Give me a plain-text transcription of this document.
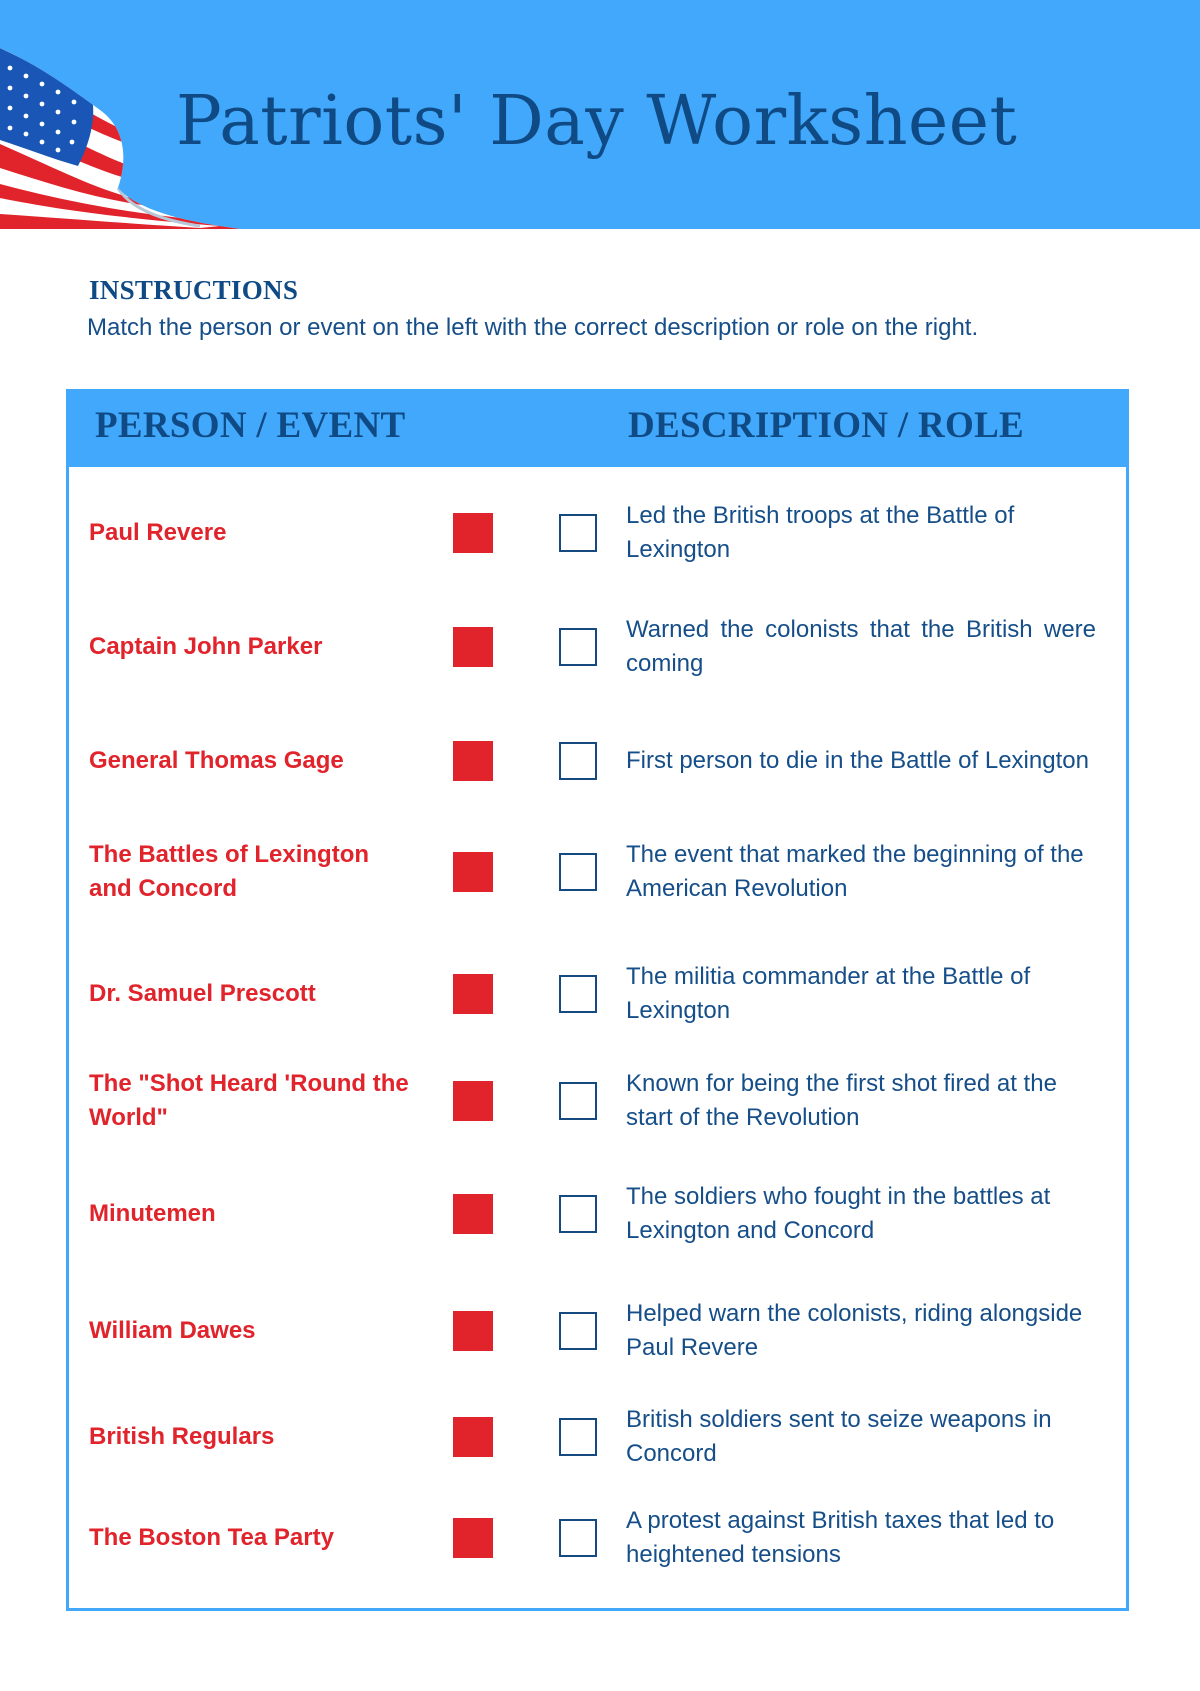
Patriots' Day Worksheet
INSTRUCTIONS
Match the person or event on the left with the correct description or role on the right.
PERSON / EVENT	DESCRIPTION / ROLE
Paul Revere
Led the British troops at the Battle of Lexington
Captain John Parker
Warned the colonists that the British were coming
General Thomas Gage	First person to die in the Battle of Lexington
The Battles of Lexington and Concord
The event that marked the beginning of the American Revolution
Dr. Samuel Prescott
The militia commander at the Battle of Lexington
The "Shot Heard 'Round the World"
Known for being the first shot fired at the start of the Revolution
Minutemen
The soldiers who fought in the battles at Lexington and Concord
William Dawes
Helped warn the colonists, riding alongside Paul Revere
British Regulars
British soldiers sent to seize weapons in Concord
The Boston Tea Party
A protest against British taxes that led to heightened tensions
